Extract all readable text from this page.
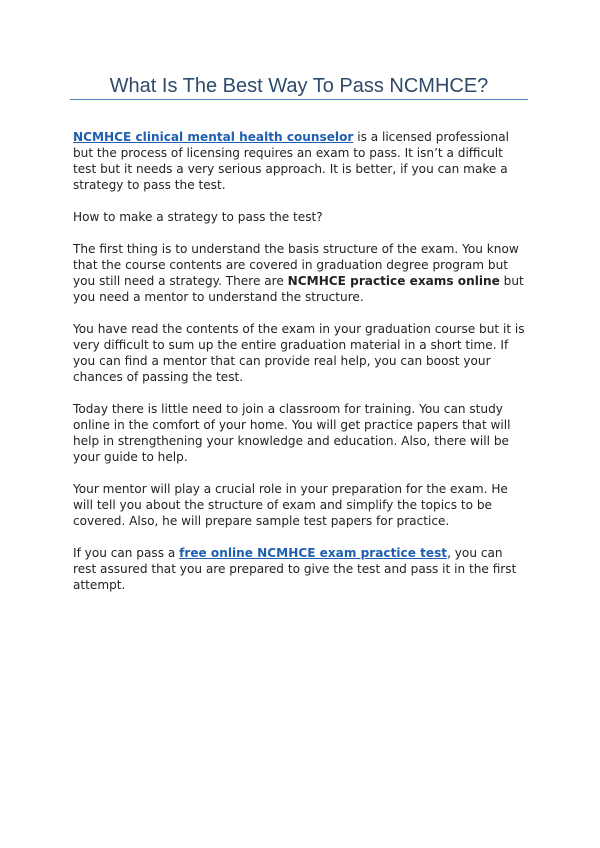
What Is The Best Way To Pass NCMHCE?

NCMHCE clinical mental health counselor is a licensed professional but the process of licensing requires an exam to pass. It isn’t a difficult test but it needs a very serious approach. It is better, if you can make a strategy to pass the test.

How to make a strategy to pass the test?

The first thing is to understand the basis structure of the exam. You know that the course contents are covered in graduation degree program but you still need a strategy. There are NCMHCE practice exams online but you need a mentor to understand the structure.

You have read the contents of the exam in your graduation course but it is very difficult to sum up the entire graduation material in a short time. If you can find a mentor that can provide real help, you can boost your chances of passing the test.

Today there is little need to join a classroom for training. You can study online in the comfort of your home. You will get practice papers that will help in strengthening your knowledge and education. Also, there will be your guide to help.

Your mentor will play a crucial role in your preparation for the exam. He will tell you about the structure of exam and simplify the topics to be covered. Also, he will prepare sample test papers for practice.

If you can pass a free online NCMHCE exam practice test, you can rest assured that you are prepared to give the test and pass it in the first attempt.
